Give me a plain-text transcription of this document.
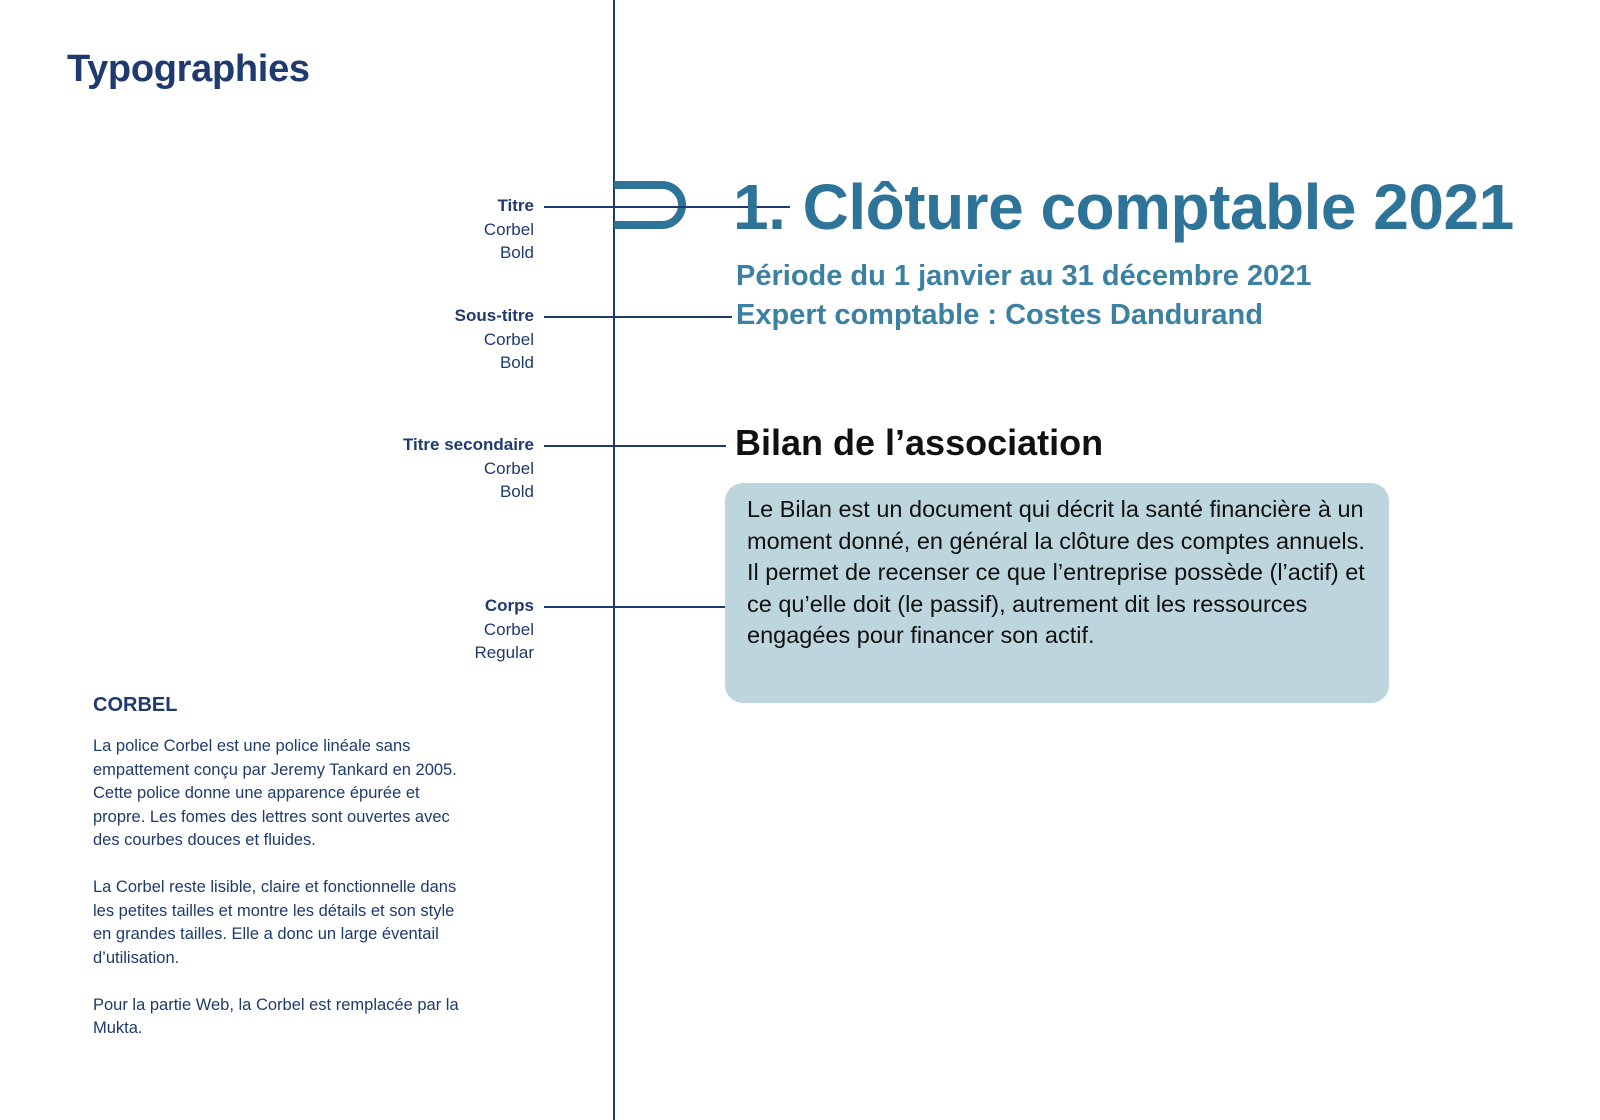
Typographies
Titre
Corbel
Bold
Sous-titre
Corbel
Bold
Titre secondaire
Corbel
Bold
Corps
Corbel
Regular
1. Clôture comptable 2021
Période du 1 janvier au 31 décembre 2021
Expert comptable : Costes Dandurand
Bilan de l’association

Le Bilan est un document qui décrit la santé financière à un moment donné, en général la clôture des comptes annuels.

Il permet de recenser ce que l’entreprise possède (l’actif) et ce qu’elle doit (le passif), autrement dit les ressources engagées pour financer son actif.

CORBEL

La police Corbel est une police linéale sans empattement conçu par Jeremy Tankard en 2005. Cette police donne une apparence épurée et propre. Les fomes des lettres sont ouvertes avec des courbes douces et fluides.

La Corbel reste lisible, claire et fonctionnelle dans les petites tailles et montre les détails et son style en grandes tailles. Elle a donc un large éventail d’utilisation.

Pour la partie Web, la Corbel est remplacée par la Mukta.
